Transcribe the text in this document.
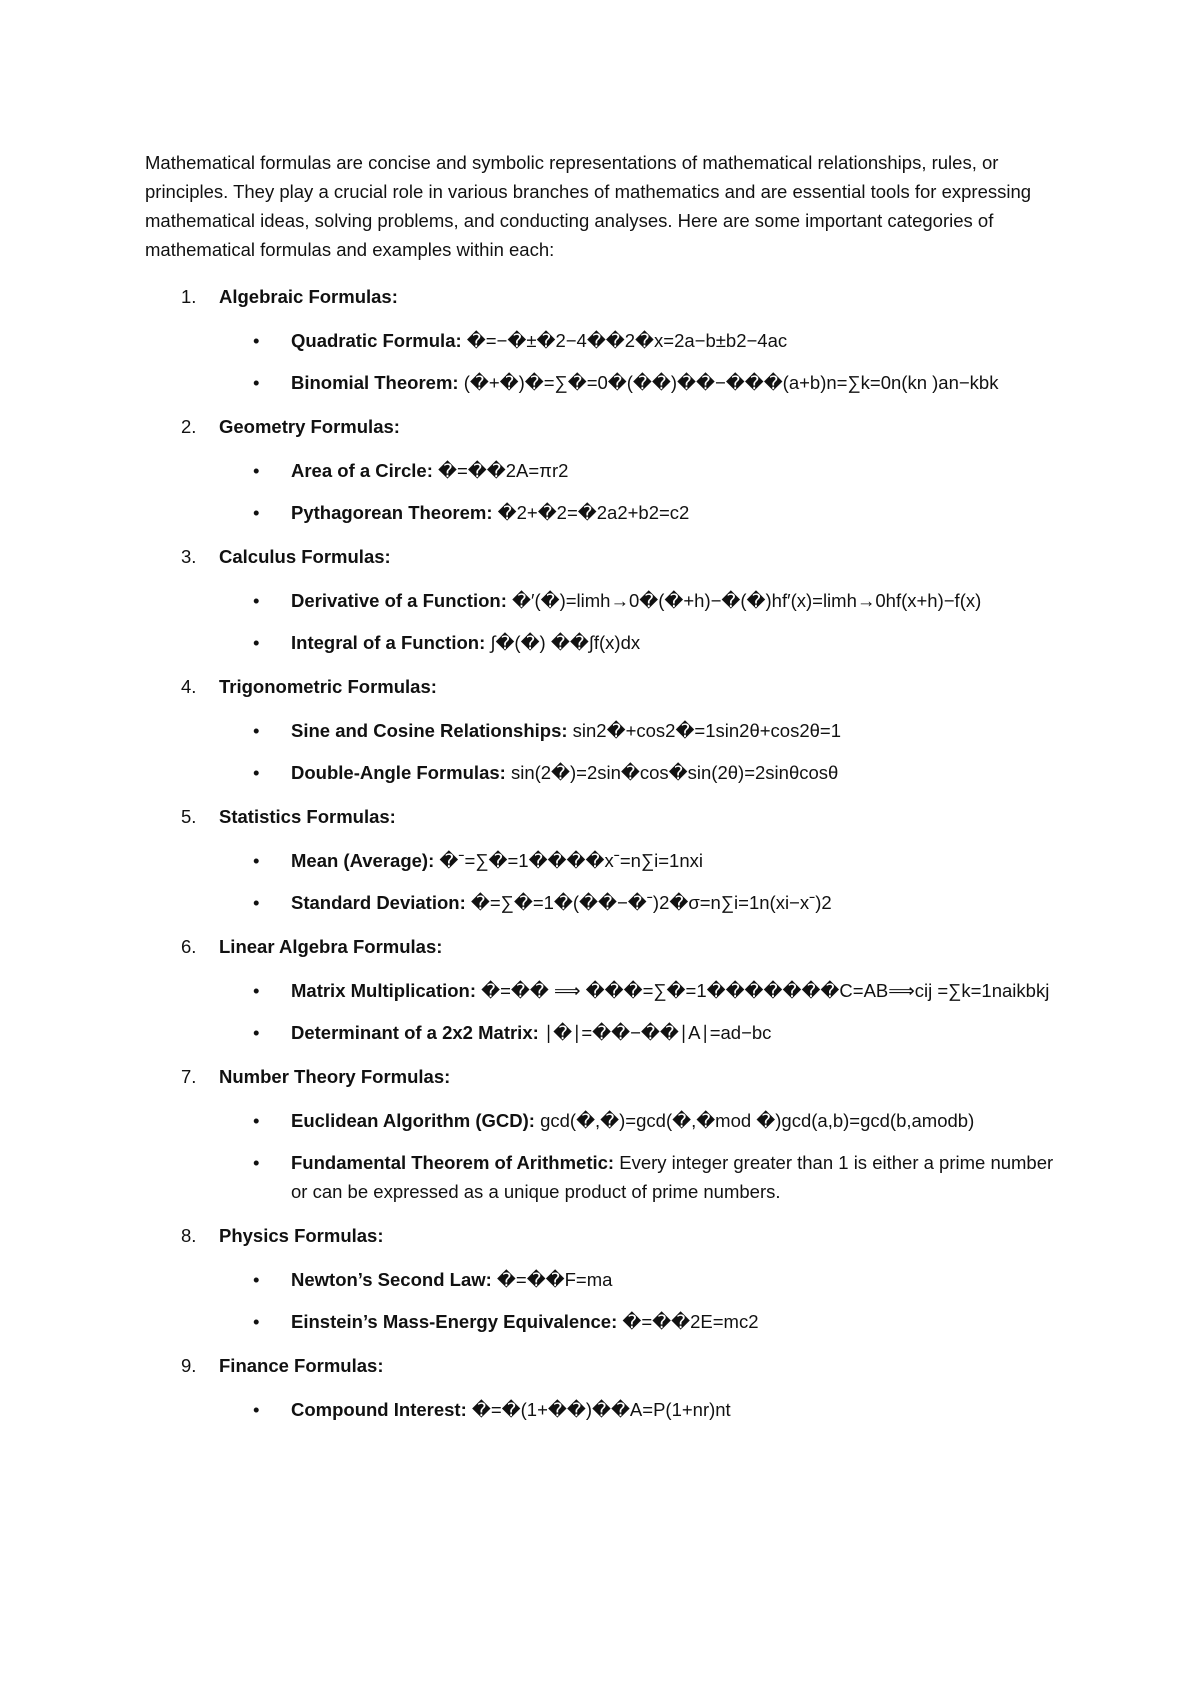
Mathematical formulas are concise and symbolic representations of mathematical relationships, rules, or principles. They play a crucial role in various branches of mathematics and are essential tools for expressing mathematical ideas, solving problems, and conducting analyses. Here are some important categories of mathematical formulas and examples within each:

1. Algebraic Formulas:
• Quadratic Formula: �=−�±�2−4��2�x=2a−b±b2−4ac
• Binomial Theorem: (�+�)�=∑�=0�(��)��−���(a+b)n=∑k=0n(kn )an−kbk
2. Geometry Formulas:
• Area of a Circle: �=��2A=πr2
• Pythagorean Theorem: �2+�2=�2a2+b2=c2
3. Calculus Formulas:
• Derivative of a Function: �′(�)=lim⁡h→0�(�+h)−�(�)hf′(x)=limh→0hf(x+h)−f(x)
• Integral of a Function: ∫�(�) ��∫f(x)dx
4. Trigonometric Formulas:
• Sine and Cosine Relationships: sin2�+cos2�=1sin2θ+cos2θ=1
• Double-Angle Formulas: sin(2�)=2sin�cos�sin(2θ)=2sinθcosθ
5. Statistics Formulas:
• Mean (Average): �ˉ=∑�=1����xˉ=n∑i=1nxi
• Standard Deviation: �=∑�=1�(��−�ˉ)2�σ=n∑i=1n(xi−xˉ)2
6. Linear Algebra Formulas:
• Matrix Multiplication: �=�� ⟹ ���=∑�=1�������C=AB⟹cij =∑k=1naikbkj
• Determinant of a 2x2 Matrix: ∣�∣=��−��∣A∣=ad−bc
7. Number Theory Formulas:
• Euclidean Algorithm (GCD): gcd(�,�)=gcd(�,�mod �)gcd(a,b)=gcd(b,amodb)
• Fundamental Theorem of Arithmetic: Every integer greater than 1 is either a prime number or can be expressed as a unique product of prime numbers.
8. Physics Formulas:
• Newton’s Second Law: �=��F=ma
• Einstein’s Mass-Energy Equivalence: �=��2E=mc2
9. Finance Formulas:
• Compound Interest: �=�(1+��)��A=P(1+nr)nt
